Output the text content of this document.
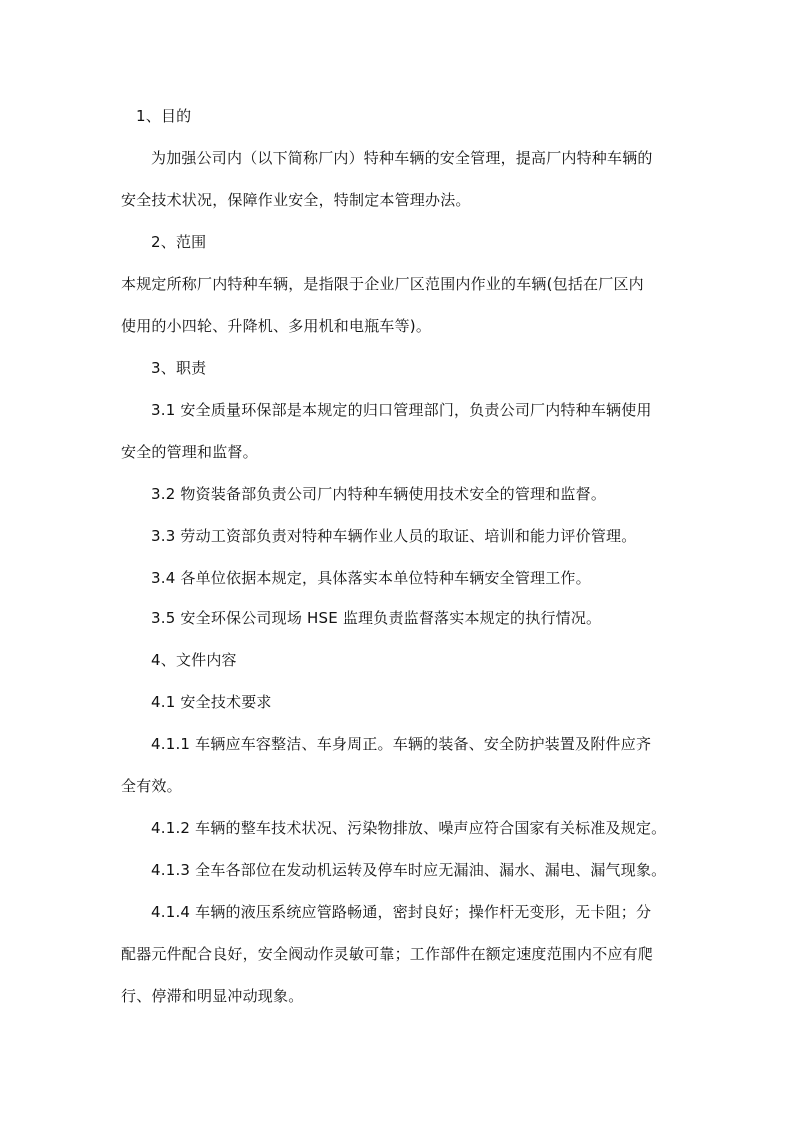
1、目的
为加强公司内（以下简称厂内）特种车辆的安全管理，提高厂内特种车辆的
安全技术状况，保障作业安全，特制定本管理办法。
2、范围
本规定所称厂内特种车辆，是指限于企业厂区范围内作业的车辆(包括在厂区内
使用的小四轮、升降机、多用机和电瓶车等)。
3、职责
3.1 安全质量环保部是本规定的归口管理部门，负责公司厂内特种车辆使用
安全的管理和监督。
3.2 物资装备部负责公司厂内特种车辆使用技术安全的管理和监督。
3.3 劳动工资部负责对特种车辆作业人员的取证、培训和能力评价管理。
3.4 各单位依据本规定，具体落实本单位特种车辆安全管理工作。
3.5 安全环保公司现场 HSE 监理负责监督落实本规定的执行情况。
4、文件内容
4.1 安全技术要求
4.1.1 车辆应车容整洁、车身周正。车辆的装备、安全防护装置及附件应齐
全有效。
4.1.2 车辆的整车技术状况、污染物排放、噪声应符合国家有关标准及规定。
4.1.3 全车各部位在发动机运转及停车时应无漏油、漏水、漏电、漏气现象。
4.1.4 车辆的液压系统应管路畅通，密封良好；操作杆无变形，无卡阻；分
配器元件配合良好，安全阀动作灵敏可靠；工作部件在额定速度范围内不应有爬
行、停滞和明显冲动现象。
